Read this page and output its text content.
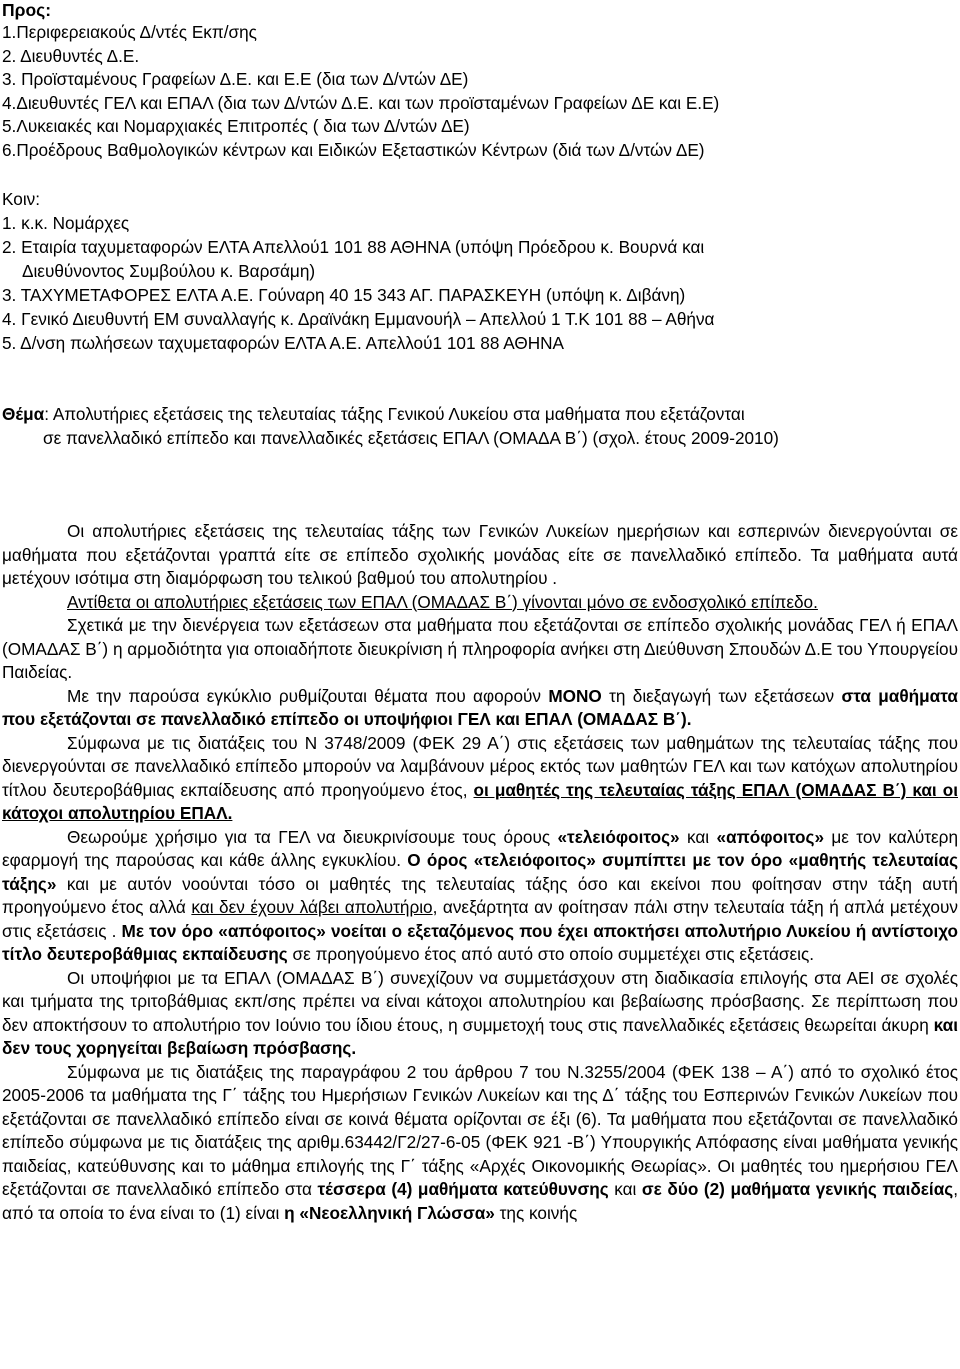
Προς:
1.Περιφερειακούς Δ/ντές Εκπ/σης
2. Διευθυντές Δ.Ε.
3. Προϊσταμένους Γραφείων Δ.Ε. και Ε.Ε (δια των Δ/ντών ΔΕ)
4.Διευθυντές ΓΕΛ και ΕΠΑΛ (δια των Δ/ντών Δ.Ε. και των προϊσταμένων Γραφείων ΔΕ και Ε.Ε)
5.Λυκειακές και Νομαρχιακές Επιτροπές ( δια των Δ/ντών ΔΕ)
6.Προέδρους Βαθμολογικών κέντρων και Ειδικών Εξεταστικών Κέντρων (διά των Δ/ντών ΔΕ)
Κοιν:
1. κ.κ. Νομάρχες
2. Εταιρία ταχυμεταφορών ΕΛΤΑ Απελλού1 101 88 ΑΘΗΝΑ (υπόψη Πρόεδρου κ. Βουρνά και
Διευθύνοντος Συμβούλου κ. Βαρσάμη)
3. ΤΑΧΥΜΕΤΑΦΟΡΕΣ ΕΛΤΑ Α.Ε. Γούναρη 40 15 343 ΑΓ. ΠΑΡΑΣΚΕΥΗ (υπόψη κ. Διβάνη)
4. Γενικό Διευθυντή ΕΜ συναλλαγής κ. Δραϊνάκη Εμμανουήλ – Απελλού 1 Τ.Κ 101 88 – Αθήνα
5. Δ/νση πωλήσεων ταχυμεταφορών ΕΛΤΑ Α.Ε. Απελλού1 101 88 ΑΘΗΝΑ
Θέμα: Απολυτήριες εξετάσεις της τελευταίας τάξης Γενικού Λυκείου στα μαθήματα που εξετάζονται
σε πανελλαδικό επίπεδο και πανελλαδικές εξετάσεις ΕΠΑΛ (ΟΜΑΔΑ Β΄) (σχολ. έτους 2009-2010)

Οι απολυτήριες εξετάσεις της τελευταίας τάξης των Γενικών Λυκείων ημερήσιων και εσπερινών διενεργούνται σε μαθήματα που εξετάζονται γραπτά είτε σε επίπεδο σχολικής μονάδας είτε σε πανελλαδικό επίπεδο. Τα μαθήματα αυτά μετέχουν ισότιμα στη διαμόρφωση του τελικού βαθμού του απολυτηρίου .

Αντίθετα οι απολυτήριες εξετάσεις των ΕΠΑΛ (ΟΜΑΔΑΣ Β΄) γίνονται μόνο σε ενδοσχολικό επίπεδο.

Σχετικά με την διενέργεια των εξετάσεων στα μαθήματα που εξετάζονται σε επίπεδο σχολικής μονάδας ΓΕΛ ή ΕΠΑΛ (ΟΜΑΔΑΣ Β΄) η αρμοδιότητα για οποιαδήποτε διευκρίνιση ή πληροφορία ανήκει στη Διεύθυνση Σπουδών Δ.Ε του Υπουργείου Παιδείας.

Με την παρούσα εγκύκλιο ρυθμίζουται θέματα που αφορούν ΜΟΝΟ τη διεξαγωγή των εξετάσεων στα μαθήματα που εξετάζονται σε πανελλαδικό επίπεδο οι υποψήφιοι ΓΕΛ και ΕΠΑΛ (ΟΜΑΔΑΣ Β΄).

Σύμφωνα με τις διατάξεις του Ν 3748/2009 (ΦΕΚ 29 Α΄) στις εξετάσεις των μαθημάτων της τελευταίας τάξης που διενεργούνται σε πανελλαδικό επίπεδο μπορούν να λαμβάνουν μέρος εκτός των μαθητών ΓΕΛ και των κατόχων απολυτηρίου τίτλου δευτεροβάθμιας εκπαίδευσης από προηγούμενο έτος, οι μαθητές της τελευταίας τάξης ΕΠΑΛ (ΟΜΑΔΑΣ Β΄) και οι κάτοχοι απολυτηρίου ΕΠΑΛ.

Θεωρούμε χρήσιμο για τα ΓΕΛ να διευκρινίσουμε τους όρους «τελειόφοιτος» και «απόφοιτος» με τον καλύτερη εφαρμογή της παρούσας και κάθε άλλης εγκυκλίου. Ο όρος «τελειόφοιτος» συμπίπτει με τον όρο «μαθητής τελευταίας τάξης» και με αυτόν νοούνται τόσο οι μαθητές της τελευταίας τάξης όσο και εκείνοι που φοίτησαν στην τάξη αυτή προηγούμενο έτος αλλά και δεν έχουν λάβει απολυτήριο, ανεξάρτητα αν φοίτησαν πάλι στην τελευταία τάξη ή απλά μετέχουν στις εξετάσεις . Με τον όρο «απόφοιτος» νοείται ο εξεταζόμενος που έχει αποκτήσει απολυτήριο Λυκείου ή αντίστοιχο τίτλο δευτεροβάθμιας εκπαίδευσης σε προηγούμενο έτος από αυτό στο οποίο συμμετέχει στις εξετάσεις.

Οι υποψήφιοι με τα ΕΠΑΛ (ΟΜΑΔΑΣ Β΄) συνεχίζουν να συμμετάσχουν στη διαδικασία επιλογής στα ΑΕΙ σε σχολές και τμήματα της τριτοβάθμιας εκπ/σης πρέπει να είναι κάτοχοι απολυτηρίου και βεβαίωσης πρόσβασης. Σε περίπτωση που δεν αποκτήσουν το απολυτήριο τον Ιούνιο του ίδιου έτους, η συμμετοχή τους στις πανελλαδικές εξετάσεις θεωρείται άκυρη και δεν τους χορηγείται βεβαίωση πρόσβασης.

Σύμφωνα με τις διατάξεις της παραγράφου 2 του άρθρου 7 του Ν.3255/2004 (ΦΕΚ 138 – Α΄) από το σχολικό έτος 2005-2006 τα μαθήματα της Γ΄ τάξης του Ημερήσιων Γενικών Λυκείων και της Δ΄ τάξης του Εσπερινών Γενικών Λυκείων που εξετάζονται σε πανελλαδικό επίπεδο είναι σε κοινά θέματα ορίζονται σε έξι (6). Τα μαθήματα που εξετάζονται σε πανελλαδικό επίπεδο σύμφωνα με τις διατάξεις της αριθμ.63442/Γ2/27-6-05 (ΦΕΚ 921 -Β΄) Υπουργικής Απόφασης είναι μαθήματα γενικής παιδείας, κατεύθυνσης και το μάθημα επιλογής της Γ΄ τάξης «Αρχές Οικονομικής Θεωρίας». Οι μαθητές του ημερήσιου ΓΕΛ εξετάζονται σε πανελλαδικό επίπεδο στα τέσσερα (4) μαθήματα κατεύθυνσης και σε δύο (2) μαθήματα γενικής παιδείας, από τα οποία το ένα είναι το (1) είναι η «Νεοελληνική Γλώσσα» της κοινής
